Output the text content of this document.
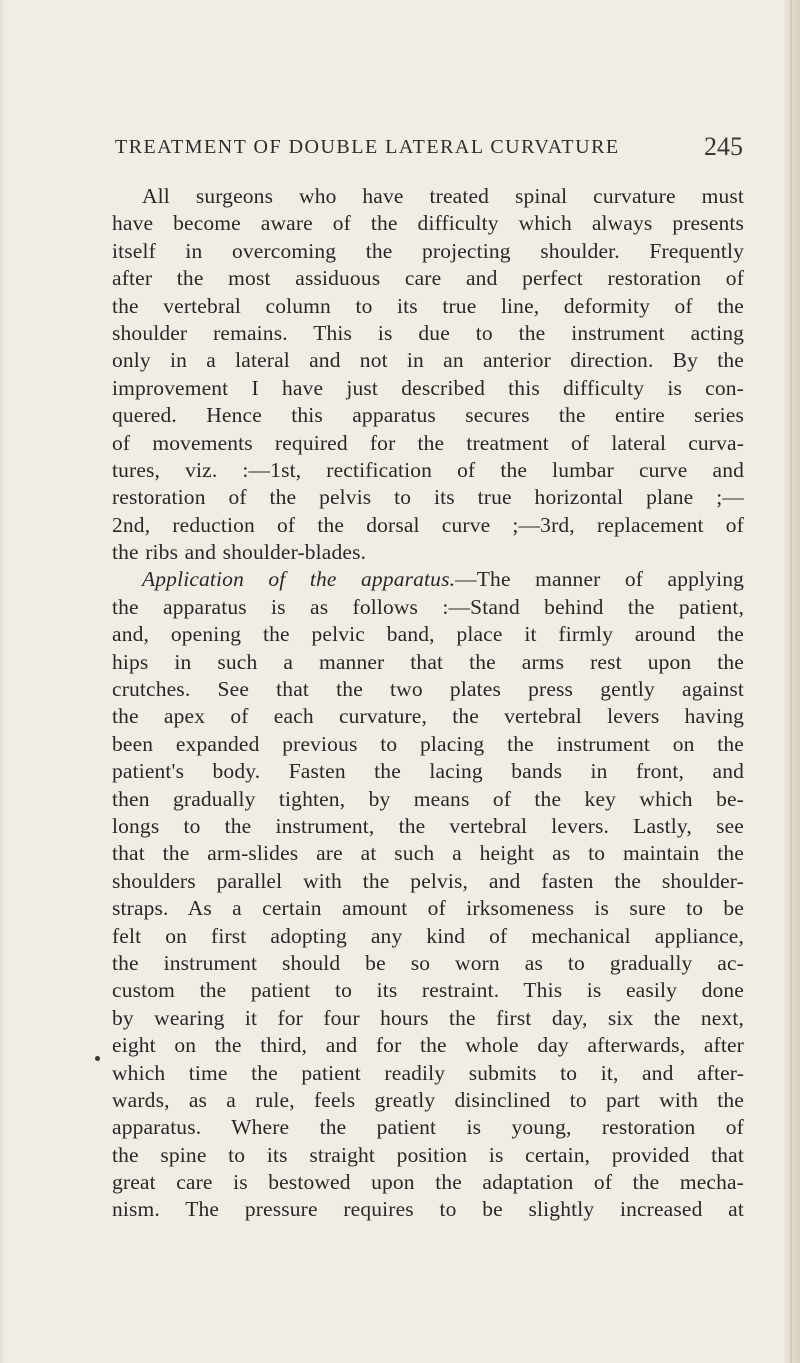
TREATMENT OF DOUBLE LATERAL CURVATURE	245
All surgeons who have treated spinal curvature must
have become aware of the difficulty which always presents
itself in overcoming the projecting shoulder. Frequently
after the most assiduous care and perfect restoration of
the vertebral column to its true line, deformity of the
shoulder remains. This is due to the instrument acting
only in a lateral and not in an anterior direction. By the
improvement I have just described this difficulty is con-
quered. Hence this apparatus secures the entire series
of movements required for the treatment of lateral curva-
tures, viz. :—1st, rectification of the lumbar curve and
restoration of the pelvis to its true horizontal plane ;—
2nd, reduction of the dorsal curve ;—3rd, replacement of
the ribs and shoulder-blades.
Application of the apparatus.—The manner of applying
the apparatus is as follows :—Stand behind the patient,
and, opening the pelvic band, place it firmly around the
hips in such a manner that the arms rest upon the
crutches. See that the two plates press gently against
the apex of each curvature, the vertebral levers having
been expanded previous to placing the instrument on the
patient's body. Fasten the lacing bands in front, and
then gradually tighten, by means of the key which be-
longs to the instrument, the vertebral levers. Lastly, see
that the arm-slides are at such a height as to maintain the
shoulders parallel with the pelvis, and fasten the shoulder-
straps. As a certain amount of irksomeness is sure to be
felt on first adopting any kind of mechanical appliance,
the instrument should be so worn as to gradually ac-
custom the patient to its restraint. This is easily done
by wearing it for four hours the first day, six the next,
eight on the third, and for the whole day afterwards, after
which time the patient readily submits to it, and after-
wards, as a rule, feels greatly disinclined to part with the
apparatus. Where the patient is young, restoration of
the spine to its straight position is certain, provided that
great care is bestowed upon the adaptation of the mecha-
nism. The pressure requires to be slightly increased at
